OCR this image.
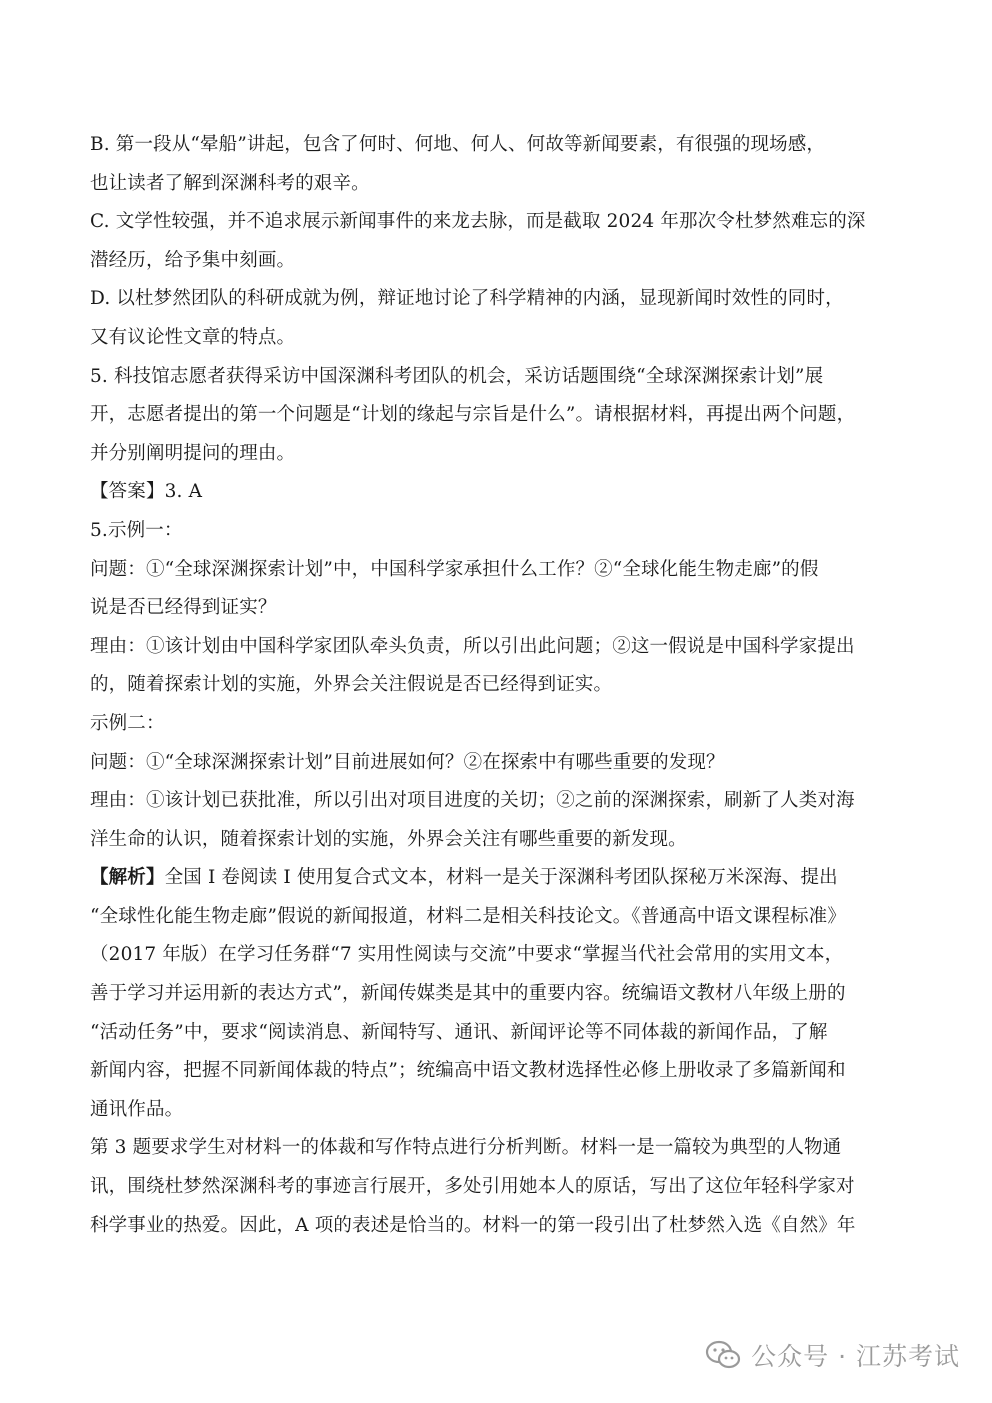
B. 第一段从“晕船”讲起，包含了何时、何地、何人、何故等新闻要素，有很强的现场感，
也让读者了解到深渊科考的艰辛。
C. 文学性较强，并不追求展示新闻事件的来龙去脉，而是截取 2024 年那次令杜梦然难忘的深
潜经历，给予集中刻画。
D. 以杜梦然团队的科研成就为例，辩证地讨论了科学精神的内涵，显现新闻时效性的同时，
又有议论性文章的特点。
5. 科技馆志愿者获得采访中国深渊科考团队的机会，采访话题围绕“全球深渊探索计划”展
开，志愿者提出的第一个问题是“计划的缘起与宗旨是什么”。请根据材料，再提出两个问题，
并分别阐明提问的理由。
【答案】3. A
5.示例一：
问题：①“全球深渊探索计划”中，中国科学家承担什么工作？②“全球化能生物走廊”的假
说是否已经得到证实？
理由：①该计划由中国科学家团队牵头负责，所以引出此问题；②这一假说是中国科学家提出
的，随着探索计划的实施，外界会关注假说是否已经得到证实。
示例二：
问题：①“全球深渊探索计划”目前进展如何？②在探索中有哪些重要的发现？
理由：①该计划已获批准，所以引出对项目进度的关切；②之前的深渊探索，刷新了人类对海
洋生命的认识，随着探索计划的实施，外界会关注有哪些重要的新发现。
【解析】全国 I 卷阅读 I 使用复合式文本，材料一是关于深渊科考团队探秘万米深海、提出
“全球性化能生物走廊”假说的新闻报道，材料二是相关科技论文。《普通高中语文课程标准》
（2017 年版）在学习任务群“7 实用性阅读与交流”中要求“掌握当代社会常用的实用文本，
善于学习并运用新的表达方式”，新闻传媒类是其中的重要内容。统编语文教材八年级上册的
“活动任务”中，要求“阅读消息、新闻特写、通讯、新闻评论等不同体裁的新闻作品，了解
新闻内容，把握不同新闻体裁的特点”；统编高中语文教材选择性必修上册收录了多篇新闻和
通讯作品。
第 3 题要求学生对材料一的体裁和写作特点进行分析判断。材料一是一篇较为典型的人物通
讯，围绕杜梦然深渊科考的事迹言行展开，多处引用她本人的原话，写出了这位年轻科学家对
科学事业的热爱。因此，A 项的表述是恰当的。材料一的第一段引出了杜梦然入选《自然》年
公众号 · 江苏考试
